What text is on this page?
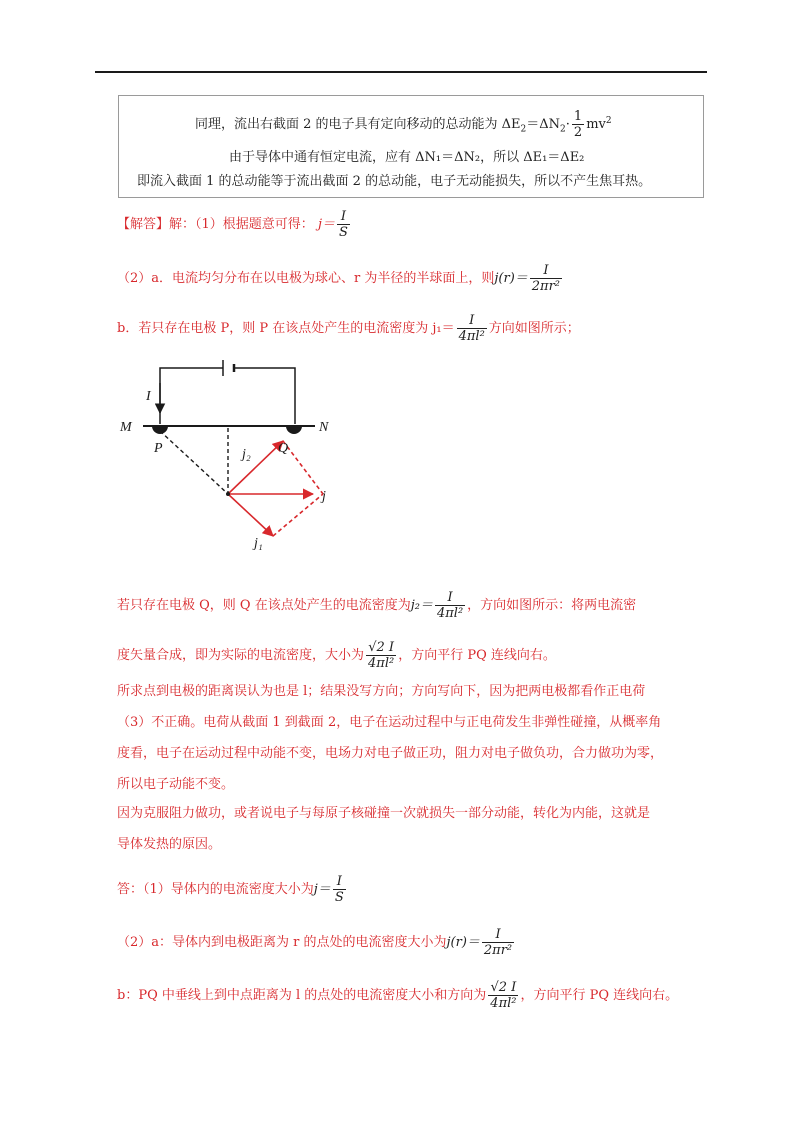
同理，流出右截面 2 的电子具有定向移动的总动能为 $\Delta E_2=\Delta N_2\cdot \frac{1}{2} mv^2$
由于导体中通有恒定电流，应有 ΔN₁＝ΔN₂，所以 ΔE₁＝ΔE₂
即流入截面 1 的总动能等于流出截面 2 的总动能，电子无动能损失，所以不产生焦耳热。
【解答】解：（1）根据题意可得： $j= \frac{I}{S}$
（2）a．电流均匀分布在以电极为球心、r 为半径的半球面上，则$j(r)= \frac{I}{\text{2πr²}}$
b．若只存在电极 P，则 P 在该点处产生的电流密度为 $j_1= \frac{I}{\text{4πl²}}$ 方向如图所示；
I
M	N
P	Q
j₂
j
j₁
若只存在电极 Q，则 Q 在该点处产生的电流密度为$j_2= \frac{I}{\text{4πl²}}$ ，方向如图所示：将两电流密
度矢量合成，即为实际的电流密度，大小为 $\frac{√2 I}{\text{4πl²}}$ ，方向平行 PQ 连线向右。
所求点到电极的距离误认为也是 l；结果没写方向；方向写向下，因为把两电极都看作正电荷
（3）不正确。电荷从截面 1 到截面 2，电子在运动过程中与正电荷发生非弹性碰撞，从概率角
度看，电子在运动过程中动能不变，电场力对电子做正功，阻力对电子做负功，合力做功为零，
所以电子动能不变。
因为克服阻力做功，或者说电子与每原子核碰撞一次就损失一部分动能，转化为内能，这就是
导体发热的原因。
答：（1）导体内的电流密度大小为$j= \frac{I}{S}$
（2）a：导体内到电极距离为 r 的点处的电流密度大小为$j(r)= \frac{I}{\text{2πr²}}$
b：PQ 中垂线上到中点距离为 l 的点处的电流密度大小和方向为 $\frac{√2 I}{\text{4πl²}}$ ，方向平行 PQ 连线向右。
